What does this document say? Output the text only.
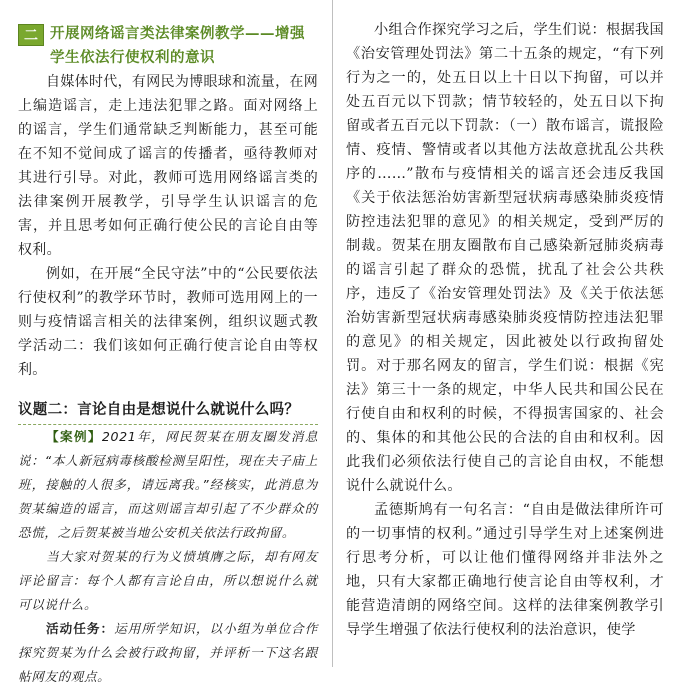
二 开展网络谣言类法律案例教学——增强学生依法行使权利的意识

自媒体时代，有网民为博眼球和流量，在网上编造谣言，走上违法犯罪之路。面对网络上的谣言，学生们通常缺乏判断能力，甚至可能在不知不觉间成了谣言的传播者，亟待教师对其进行引导。对此，教师可选用网络谣言类的法律案例开展教学，引导学生认识谣言的危害，并且思考如何正确行使公民的言论自由等权利。

例如，在开展“全民守法”中的“公民要依法行使权利”的教学环节时，教师可选用网上的一则与疫情谣言相关的法律案例，组织议题式教学活动二：我们该如何正确行使言论自由等权利。

议题二：言论自由是想说什么就说什么吗？

【案例】2021年，网民贺某在朋友圈发消息说：“本人新冠病毒核酸检测呈阳性，现在夫子庙上班，接触的人很多，请远离我。”经核实，此消息为贺某编造的谣言，而这则谣言却引起了不少群众的恐慌，之后贺某被当地公安机关依法行政拘留。

当大家对贺某的行为义愤填膺之际，却有网友评论留言：每个人都有言论自由，所以想说什么就可以说什么。

活动任务：运用所学知识，以小组为单位合作探究贺某为什么会被行政拘留，并评析一下这名跟帖网友的观点。

小组合作探究学习之后，学生们说：根据我国《治安管理处罚法》第二十五条的规定，“有下列行为之一的，处五日以上十日以下拘留，可以并处五百元以下罚款；情节较轻的，处五日以下拘留或者五百元以下罚款：（一）散布谣言，谎报险情、疫情、警情或者以其他方法故意扰乱公共秩序的……”散布与疫情相关的谣言还会违反我国《关于依法惩治妨害新型冠状病毒感染肺炎疫情防控违法犯罪的意见》的相关规定，受到严厉的制裁。贺某在朋友圈散布自己感染新冠肺炎病毒的谣言引起了群众的恐慌，扰乱了社会公共秩序，违反了《治安管理处罚法》及《关于依法惩治妨害新型冠状病毒感染肺炎疫情防控违法犯罪的意见》的相关规定，因此被处以行政拘留处罚。对于那名网友的留言，学生们说：根据《宪法》第三十一条的规定，中华人民共和国公民在行使自由和权利的时候，不得损害国家的、社会的、集体的和其他公民的合法的自由和权利。因此我们必须依法行使自己的言论自由权，不能想说什么就说什么。

孟德斯鸠有一句名言：“自由是做法律所许可的一切事情的权利。”通过引导学生对上述案例进行思考分析，可以让他们懂得网络并非法外之地，只有大家都正确地行使言论自由等权利，才能营造清朗的网络空间。这样的法律案例教学引导学生增强了依法行使权利的法治意识，使学
